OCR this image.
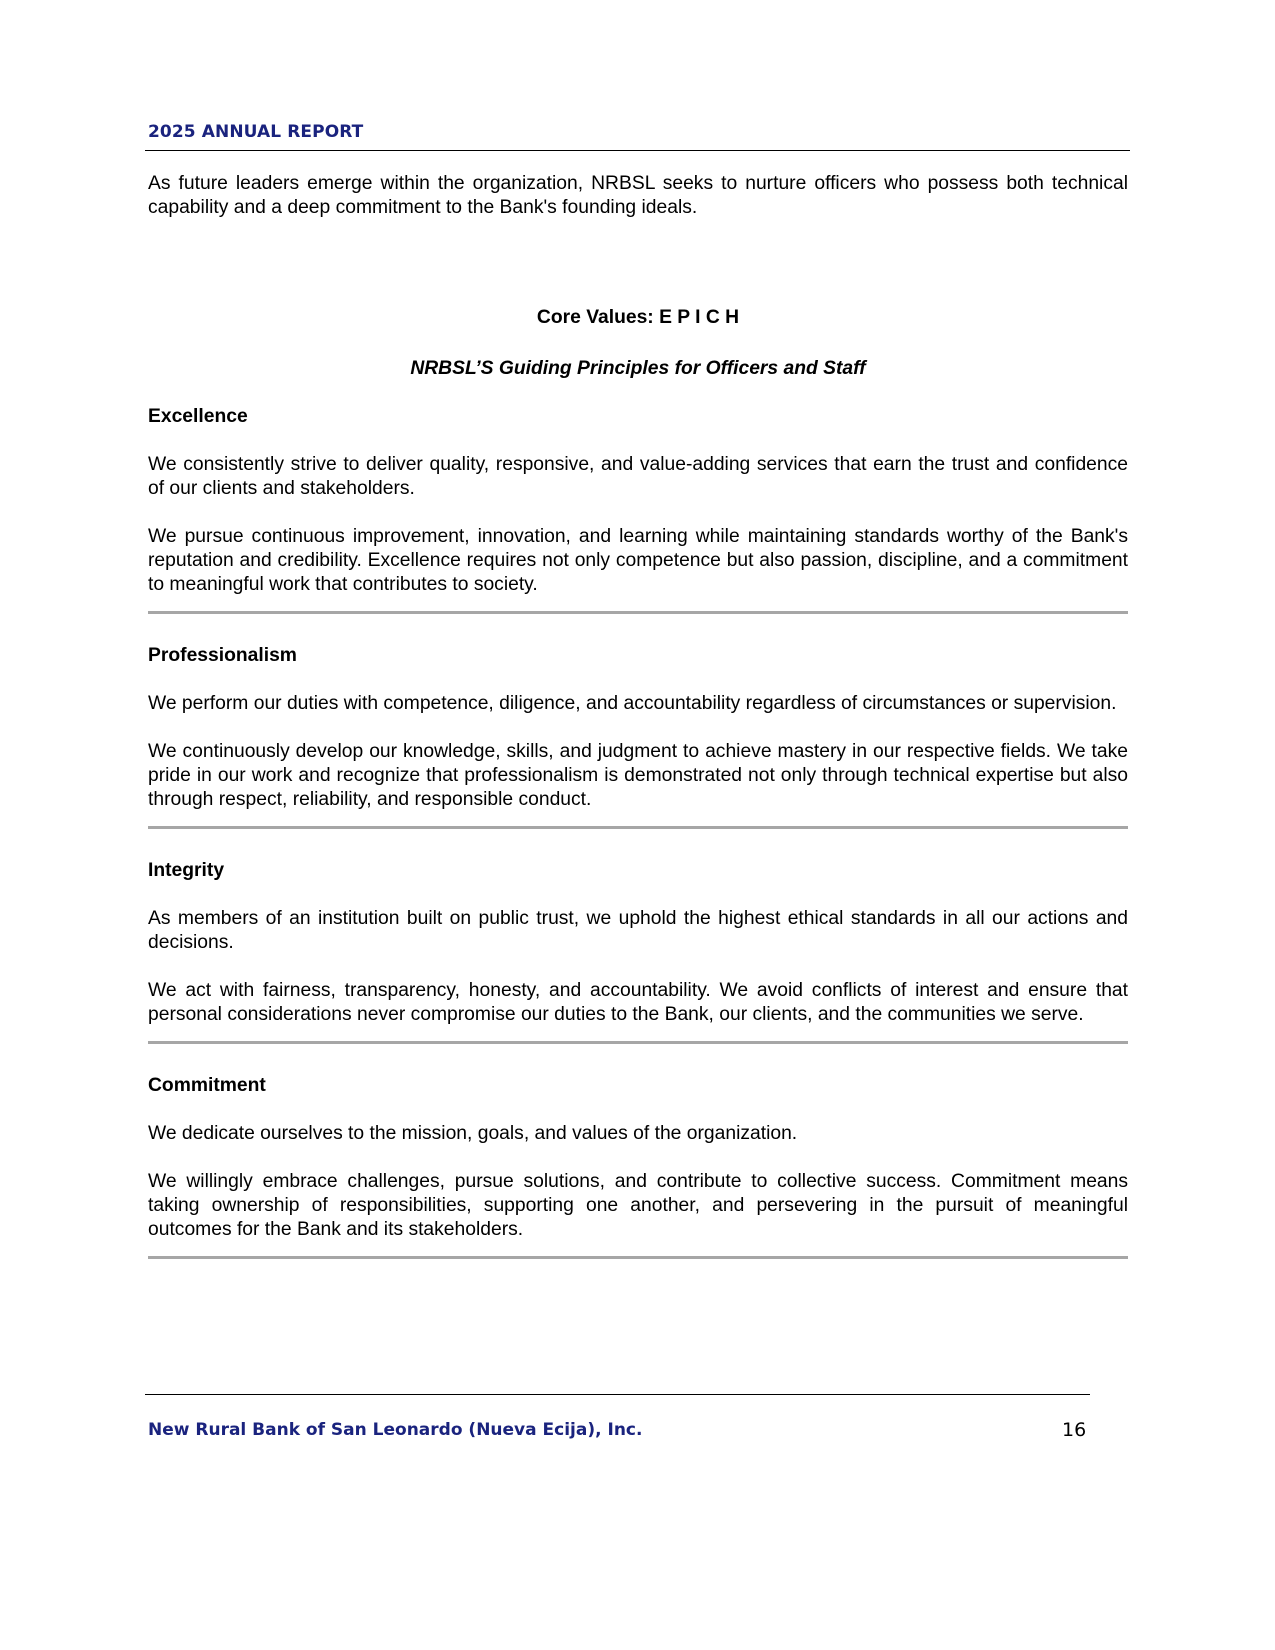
2025 ANNUAL REPORT

As future leaders emerge within the organization, NRBSL seeks to nurture officers who possess both technical capability and a deep commitment to the Bank's founding ideals.

Core Values: E P I C H
NRBSL’S Guiding Principles for Officers and Staff
Excellence

We consistently strive to deliver quality, responsive, and value-adding services that earn the trust and confidence of our clients and stakeholders.

We pursue continuous improvement, innovation, and learning while maintaining standards worthy of the Bank's reputation and credibility. Excellence requires not only competence but also passion, discipline, and a commitment to meaningful work that contributes to society.

Professionalism

We perform our duties with competence, diligence, and accountability regardless of circumstances or supervision.

We continuously develop our knowledge, skills, and judgment to achieve mastery in our respective fields. We take pride in our work and recognize that professionalism is demonstrated not only through technical expertise but also through respect, reliability, and responsible conduct.

Integrity

As members of an institution built on public trust, we uphold the highest ethical standards in all our actions and decisions.

We act with fairness, transparency, honesty, and accountability. We avoid conflicts of interest and ensure that personal considerations never compromise our duties to the Bank, our clients, and the communities we serve.

Commitment

We dedicate ourselves to the mission, goals, and values of the organization.

We willingly embrace challenges, pursue solutions, and contribute to collective success. Commitment means taking ownership of responsibilities, supporting one another, and persevering in the pursuit of meaningful outcomes for the Bank and its stakeholders.

New Rural Bank of San Leonardo (Nueva Ecija), Inc.	16
